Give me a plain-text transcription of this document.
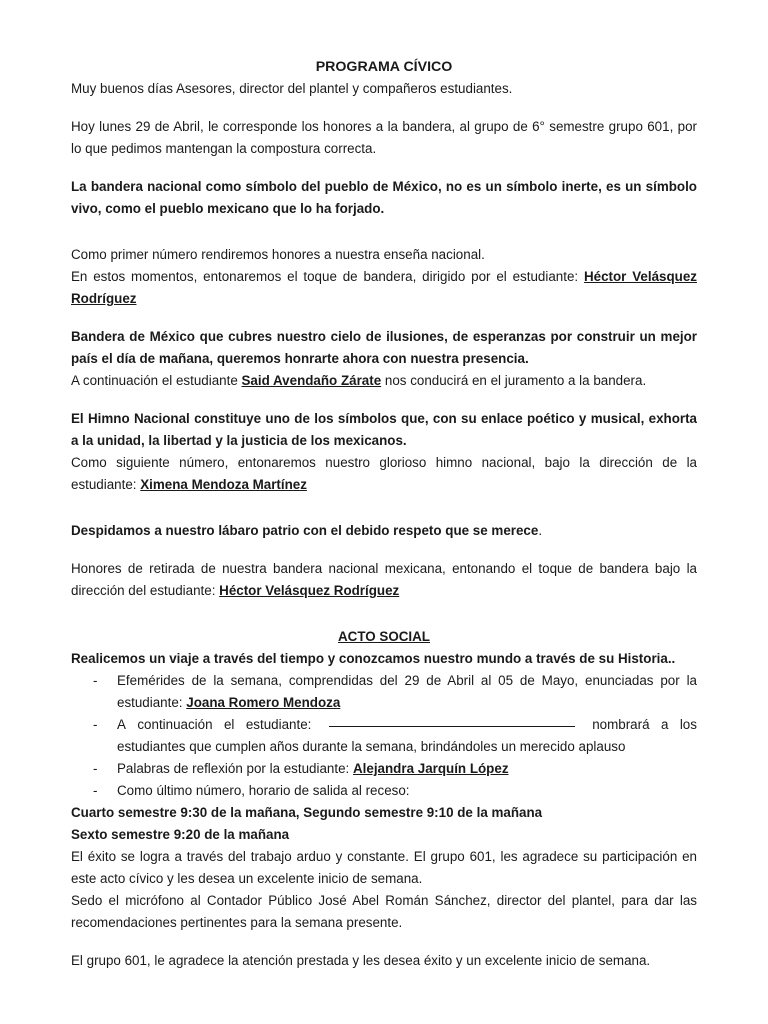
PROGRAMA CÍVICO

Muy buenos días Asesores, director del plantel y compañeros estudiantes.

Hoy lunes 29 de Abril, le corresponde los honores a la bandera, al grupo de 6° semestre grupo 601, por lo que pedimos mantengan la compostura correcta.

La bandera nacional como símbolo del pueblo de México, no es un símbolo inerte, es un símbolo vivo, como el pueblo mexicano que lo ha forjado.

Como primer número rendiremos honores a nuestra enseña nacional.

En estos momentos, entonaremos el toque de bandera, dirigido por el estudiante: Héctor Velásquez Rodríguez

Bandera de México que cubres nuestro cielo de ilusiones, de esperanzas por construir un mejor país el día de mañana, queremos honrarte ahora con nuestra presencia.

A continuación el estudiante Said Avendaño Zárate nos conducirá en el juramento a la bandera.

El Himno Nacional constituye uno de los símbolos que, con su enlace poético y musical, exhorta a la unidad, la libertad y la justicia de los mexicanos.

Como siguiente número, entonaremos nuestro glorioso himno nacional, bajo la dirección de la estudiante: Ximena Mendoza Martínez

Despidamos a nuestro lábaro patrio con el debido respeto que se merece.

Honores de retirada de nuestra bandera nacional mexicana, entonando el toque de bandera bajo la dirección del estudiante: Héctor Velásquez Rodríguez

ACTO SOCIAL

Realicemos un viaje a través del tiempo y conozcamos nuestro mundo a través de su Historia..

- Efemérides de la semana, comprendidas del 29 de Abril al 05 de Mayo, enunciadas por la estudiante: Joana Romero Mendoza
- A continuación el estudiante:	nombrará a los
estudiantes que cumplen años durante la semana, brindándoles un merecido aplauso
- Palabras de reflexión por la estudiante: Alejandra Jarquín López
- Como último número, horario de salida al receso:

Cuarto semestre 9:30 de la mañana, Segundo semestre 9:10 de la mañana

Sexto semestre 9:20 de la mañana

El éxito se logra a través del trabajo arduo y constante. El grupo 601, les agradece su participación en este acto cívico y les desea un excelente inicio de semana.

Sedo el micrófono al Contador Público José Abel Román Sánchez, director del plantel, para dar las recomendaciones pertinentes para la semana presente.

El grupo 601, le agradece la atención prestada y les desea éxito y un excelente inicio de semana.
